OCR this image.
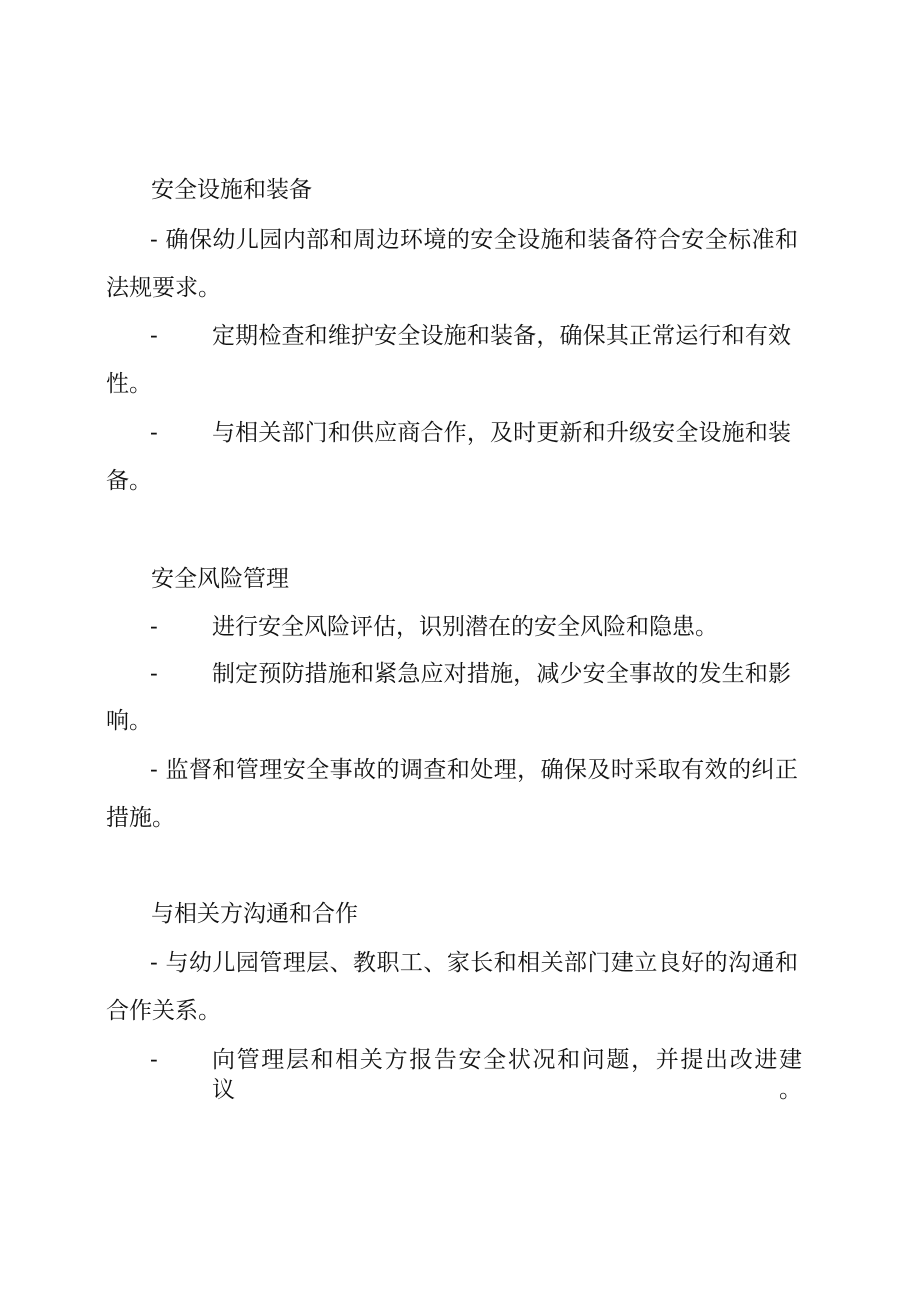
安全设施和装备
- 确保幼儿园内部和周边环境的安全设施和装备符合安全标准和
法规要求。
- 定期检查和维护安全设施和装备，确保其正常运行和有效
性。
- 与相关部门和供应商合作，及时更新和升级安全设施和装
备。
安全风险管理
- 进行安全风险评估，识别潜在的安全风险和隐患。
- 制定预防措施和紧急应对措施，减少安全事故的发生和影
响。
- 监督和管理安全事故的调查和处理，确保及时采取有效的纠正
措施。
与相关方沟通和合作
- 与幼儿园管理层、教职工、家长和相关部门建立良好的沟通和
合作关系。
- 向管理层和相关方报告安全状况和问题，并提出改进建议。
